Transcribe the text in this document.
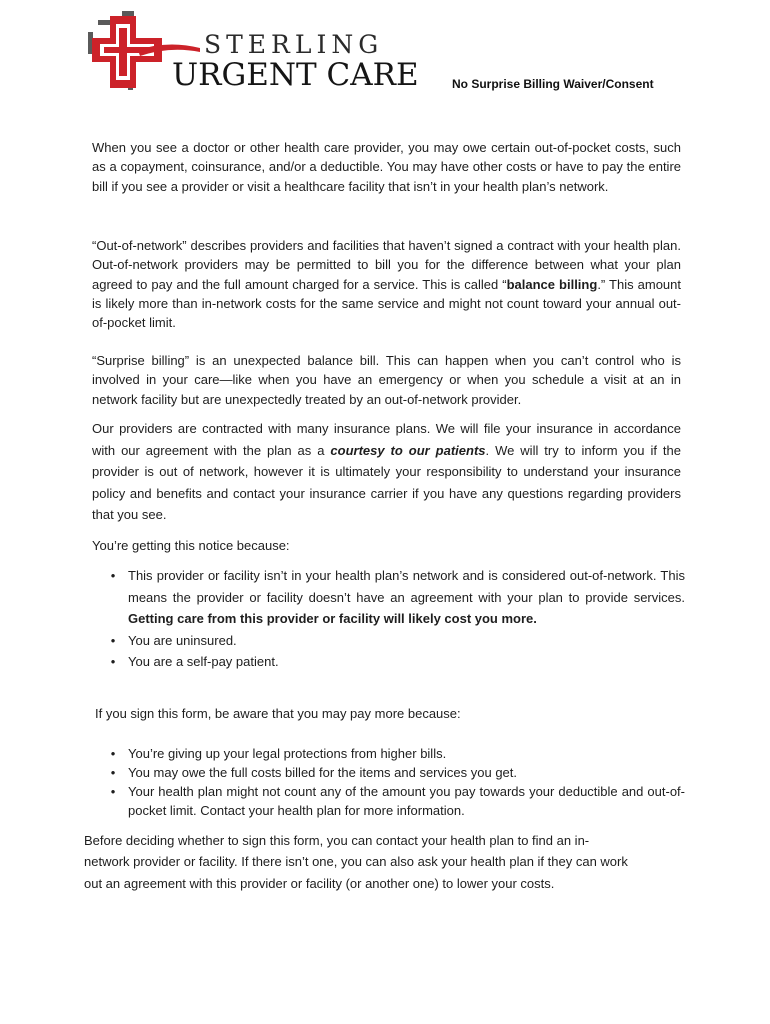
STERLING
URGENT CARE	No Surprise Billing Waiver/Consent

When you see a doctor or other health care provider, you may owe certain out-of-pocket costs, such as a copayment, coinsurance, and/or a deductible. You may have other costs or have to pay the entire bill if you see a provider or visit a healthcare facility that isn’t in your health plan’s network.

“Out-of-network” describes providers and facilities that haven’t signed a contract with your health plan. Out-of-network providers may be permitted to bill you for the difference between what your plan agreed to pay and the full amount charged for a service. This is called “balance billing.” This amount is likely more than in-network costs for the same service and might not count toward your annual out-of-pocket limit.

“Surprise billing” is an unexpected balance bill. This can happen when you can’t control who is involved in your care—like when you have an emergency or when you schedule a visit at an in network facility but are unexpectedly treated by an out-of-network provider.

Our providers are contracted with many insurance plans. We will file your insurance in accordance with our agreement with the plan as a courtesy to our patients. We will try to inform you if the provider is out of network, however it is ultimately your responsibility to understand your insurance policy and benefits and contact your insurance carrier if you have any questions regarding providers that you see.

You’re getting this notice because:
• This provider or facility isn’t in your health plan’s network and is considered out-of-network. This means the provider or facility doesn’t have an agreement with your plan to provide services. Getting care from this provider or facility will likely cost you more.
• You are uninsured.
• You are a self-pay patient.
If you sign this form, be aware that you may pay more because:
• You’re giving up your legal protections from higher bills.
• You may owe the full costs billed for the items and services you get.
• Your health plan might not count any of the amount you pay towards your deductible and out-of-pocket limit. Contact your health plan for more information.

Before deciding whether to sign this form, you can contact your health plan to find an in-network provider or facility. If there isn’t one, you can also ask your health plan if they can work out an agreement with this provider or facility (or another one) to lower your costs.
